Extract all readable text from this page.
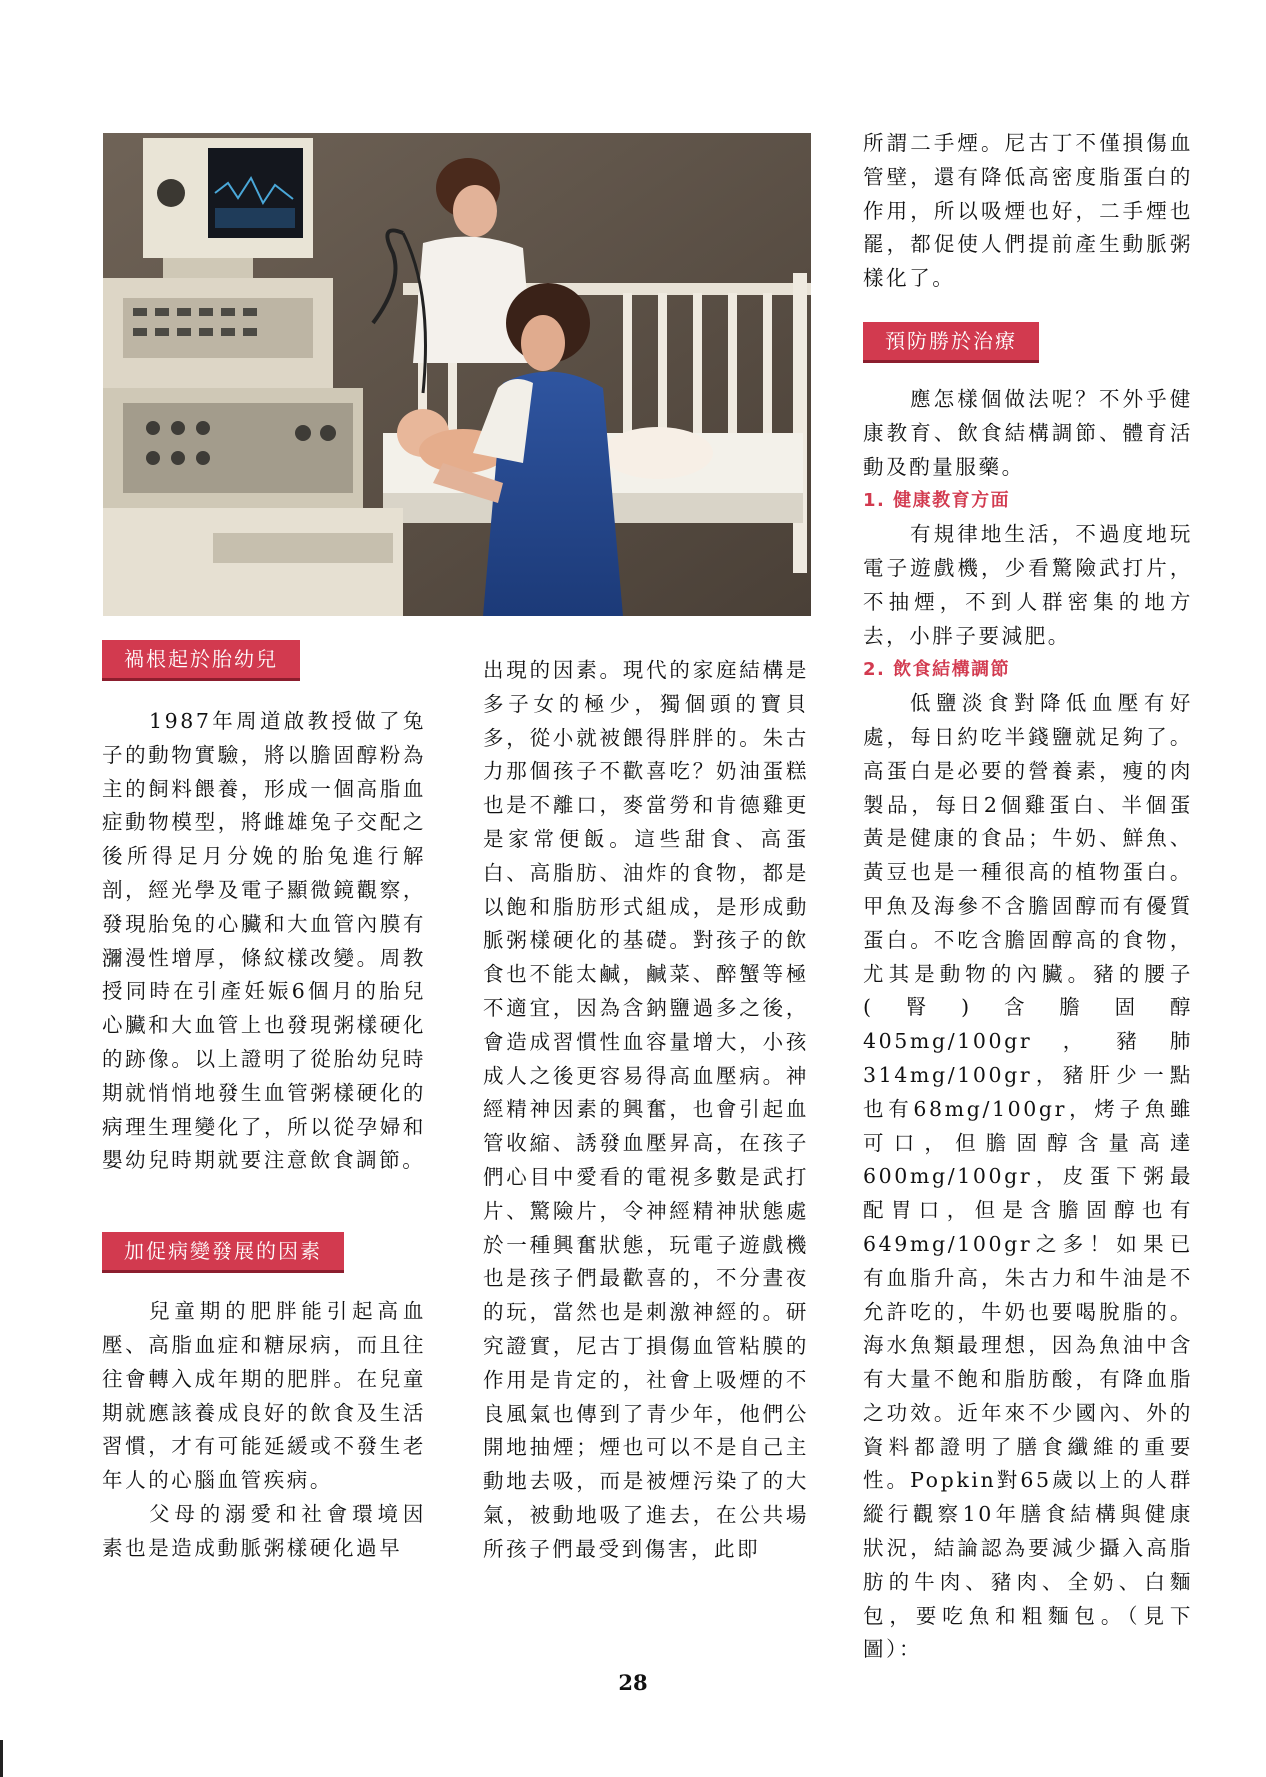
禍根起於胎幼兒

1987年周道啟教授做了兔子的動物實驗，將以膽固醇粉為主的飼料餵養，形成一個高脂血症動物模型，將雌雄兔子交配之後所得足月分娩的胎兔進行解剖，經光學及電子顯微鏡觀察，發現胎兔的心臟和大血管內膜有瀰漫性增厚，條紋樣改變。周教授同時在引產妊娠6個月的胎兒心臟和大血管上也發現粥樣硬化的跡像。以上證明了從胎幼兒時期就悄悄地發生血管粥樣硬化的病理生理變化了，所以從孕婦和嬰幼兒時期就要注意飲食調節。

加促病變發展的因素

兒童期的肥胖能引起高血壓、高脂血症和糖尿病，而且往往會轉入成年期的肥胖。在兒童期就應該養成良好的飲食及生活習慣，才有可能延緩或不發生老年人的心腦血管疾病。

父母的溺愛和社會環境因素也是造成動脈粥樣硬化過早

出現的因素。現代的家庭結構是多子女的極少，獨個頭的寶貝多，從小就被餵得胖胖的。朱古力那個孩子不歡喜吃？奶油蛋糕也是不離口，麥當勞和肯德雞更是家常便飯。這些甜食、高蛋白、高脂肪、油炸的食物，都是以飽和脂肪形式組成，是形成動脈粥樣硬化的基礎。對孩子的飲食也不能太鹹，鹹菜、醉蟹等極不適宜，因為含鈉鹽過多之後，會造成習慣性血容量增大，小孩成人之後更容易得高血壓病。神經精神因素的興奮，也會引起血管收縮、誘發血壓昇高，在孩子們心目中愛看的電視多數是武打片、驚險片，令神經精神狀態處於一種興奮狀態，玩電子遊戲機也是孩子們最歡喜的，不分晝夜的玩，當然也是刺激神經的。研究證實，尼古丁損傷血管粘膜的作用是肯定的，社會上吸煙的不良風氣也傳到了青少年，他們公開地抽煙；煙也可以不是自己主動地去吸，而是被煙污染了的大氣，被動地吸了進去，在公共場所孩子們最受到傷害，此即

所謂二手煙。尼古丁不僅損傷血管壁，還有降低高密度脂蛋白的作用，所以吸煙也好，二手煙也罷，都促使人們提前產生動脈粥樣化了。

預防勝於治療

應怎樣個做法呢？不外乎健康教育、飲食結構調節、體育活動及酌量服藥。

1. 健康教育方面

有規律地生活，不過度地玩電子遊戲機，少看驚險武打片，不抽煙，不到人群密集的地方去，小胖子要減肥。

2. 飲食結構調節

低鹽淡食對降低血壓有好處，每日約吃半錢鹽就足夠了。高蛋白是必要的營養素，瘦的肉製品，每日2個雞蛋白、半個蛋黃是健康的食品；牛奶、鮮魚、黃豆也是一種很高的植物蛋白。甲魚及海參不含膽固醇而有優質蛋白。不吃含膽固醇高的食物，尤其是動物的內臟。豬的腰子(腎)含膽固醇 405mg/100gr，豬肺314mg/100gr，豬肝少一點也有68mg/100gr，烤子魚雖可口，但膽固醇含量高達600mg/100gr，皮蛋下粥最配胃口，但是含膽固醇也有649mg/100gr之多！如果已有血脂升高，朱古力和牛油是不允許吃的，牛奶也要喝脫脂的。海水魚類最理想，因為魚油中含有大量不飽和脂肪酸，有降血脂之功效。近年來不少國內、外的資料都證明了膳食纖維的重要性。Popkin對65歲以上的人群縱行觀察10年膳食結構與健康狀況，結論認為要減少攝入高脂肪的牛肉、豬肉、全奶、白麵包，要吃魚和粗麵包。（見下圖）：

28
